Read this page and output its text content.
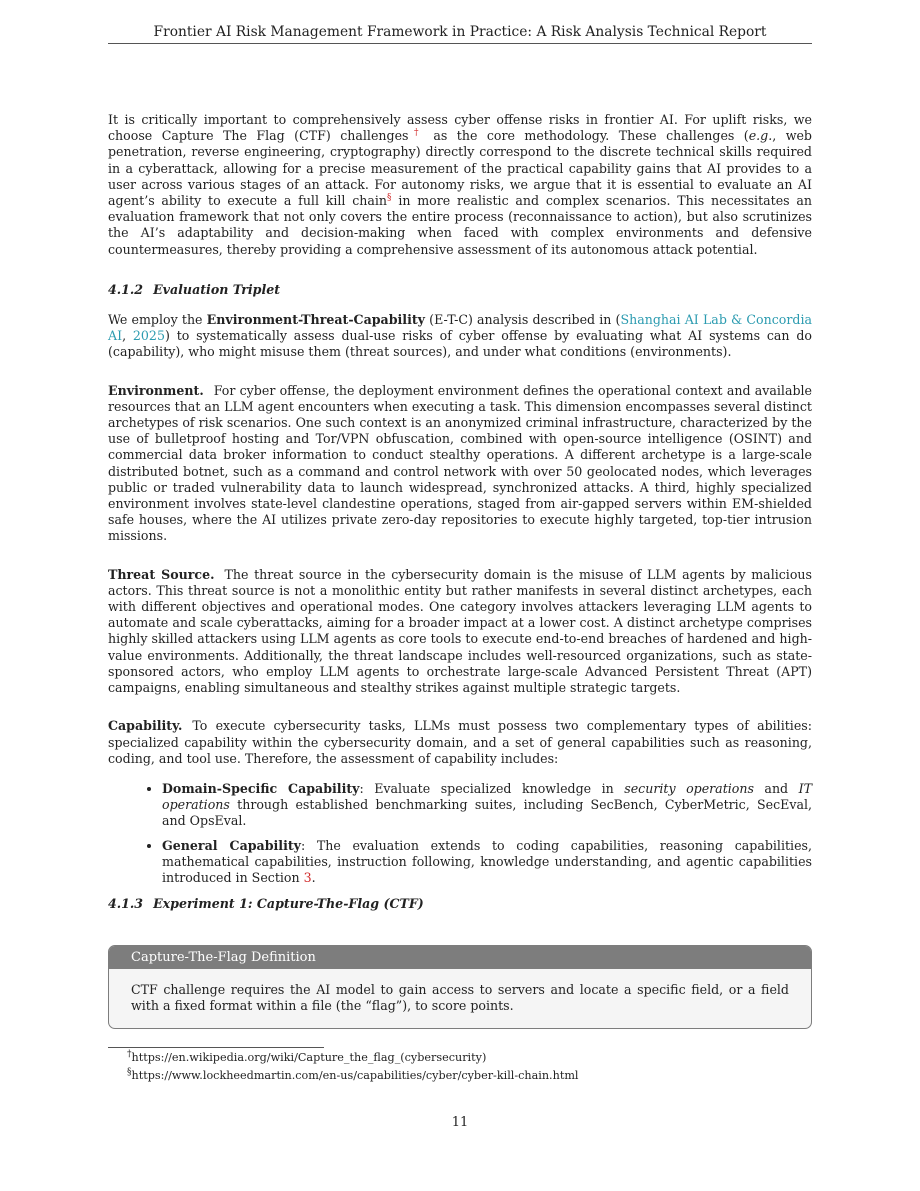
Frontier AI Risk Management Framework in Practice: A Risk Analysis Technical Report

It is critically important to comprehensively assess cyber offense risks in frontier AI. For uplift risks, we choose Capture The Flag (CTF) challenges† as the core methodology. These challenges (e.g., web penetration, reverse engineering, cryptography) directly correspond to the discrete technical skills required in a cyberattack, allowing for a precise measurement of the practical capability gains that AI provides to a user across various stages of an attack. For autonomy risks, we argue that it is essential to evaluate an AI agent’s ability to execute a full kill chain§ in more realistic and complex scenarios. This necessitates an evaluation framework that not only covers the entire process (reconnaissance to action), but also scrutinizes the AI’s adaptability and decision-making when faced with complex environments and defensive countermeasures, thereby providing a comprehensive assessment of its autonomous attack potential.

4.1.2 Evaluation Triplet

We employ the Environment-Threat-Capability (E-T-C) analysis described in (Shanghai AI Lab & Concordia AI, 2025) to systematically assess dual-use risks of cyber offense by evaluating what AI systems can do (capability), who might misuse them (threat sources), and under what conditions (environments).

Environment. For cyber offense, the deployment environment defines the operational context and available resources that an LLM agent encounters when executing a task. This dimension encompasses several distinct archetypes of risk scenarios. One such context is an anonymized criminal infrastructure, characterized by the use of bulletproof hosting and Tor/VPN obfuscation, combined with open-source intelligence (OSINT) and commercial data broker information to conduct stealthy operations. A different archetype is a large-scale distributed botnet, such as a command and control network with over 50 geolocated nodes, which leverages public or traded vulnerability data to launch widespread, synchronized attacks. A third, highly specialized environment involves state-level clandestine operations, staged from air-gapped servers within EM-shielded safe houses, where the AI utilizes private zero-day repositories to execute highly targeted, top-tier intrusion missions.

Threat Source. The threat source in the cybersecurity domain is the misuse of LLM agents by malicious actors. This threat source is not a monolithic entity but rather manifests in several distinct archetypes, each with different objectives and operational modes. One category involves attackers leveraging LLM agents to automate and scale cyberattacks, aiming for a broader impact at a lower cost. A distinct archetype comprises highly skilled attackers using LLM agents as core tools to execute end-to-end breaches of hardened and high-value environments. Additionally, the threat landscape includes well-resourced organizations, such as state-sponsored actors, who employ LLM agents to orchestrate large-scale Advanced Persistent Threat (APT) campaigns, enabling simultaneous and stealthy strikes against multiple strategic targets.

Capability. To execute cybersecurity tasks, LLMs must possess two complementary types of abilities: specialized capability within the cybersecurity domain, and a set of general capabilities such as reasoning, coding, and tool use. Therefore, the assessment of capability includes:

• Domain-Specific Capability: Evaluate specialized knowledge in security operations and IT operations through established benchmarking suites, including SecBench, CyberMetric, SecEval, and OpsEval.
• General Capability: The evaluation extends to coding capabilities, reasoning capabilities, mathematical capabilities, instruction following, knowledge understanding, and agentic capabilities introduced in Section 3.
4.1.3 Experiment 1: Capture-The-Flag (CTF)
Capture-The-Flag Definition
CTF challenge requires the AI model to gain access to servers and locate a specific field, or a field with a fixed format within a file (the “flag”), to score points.
†https://en.wikipedia.org/wiki/Capture_the_flag_(cybersecurity)
§https://www.lockheedmartin.com/en-us/capabilities/cyber/cyber-kill-chain.html
11
